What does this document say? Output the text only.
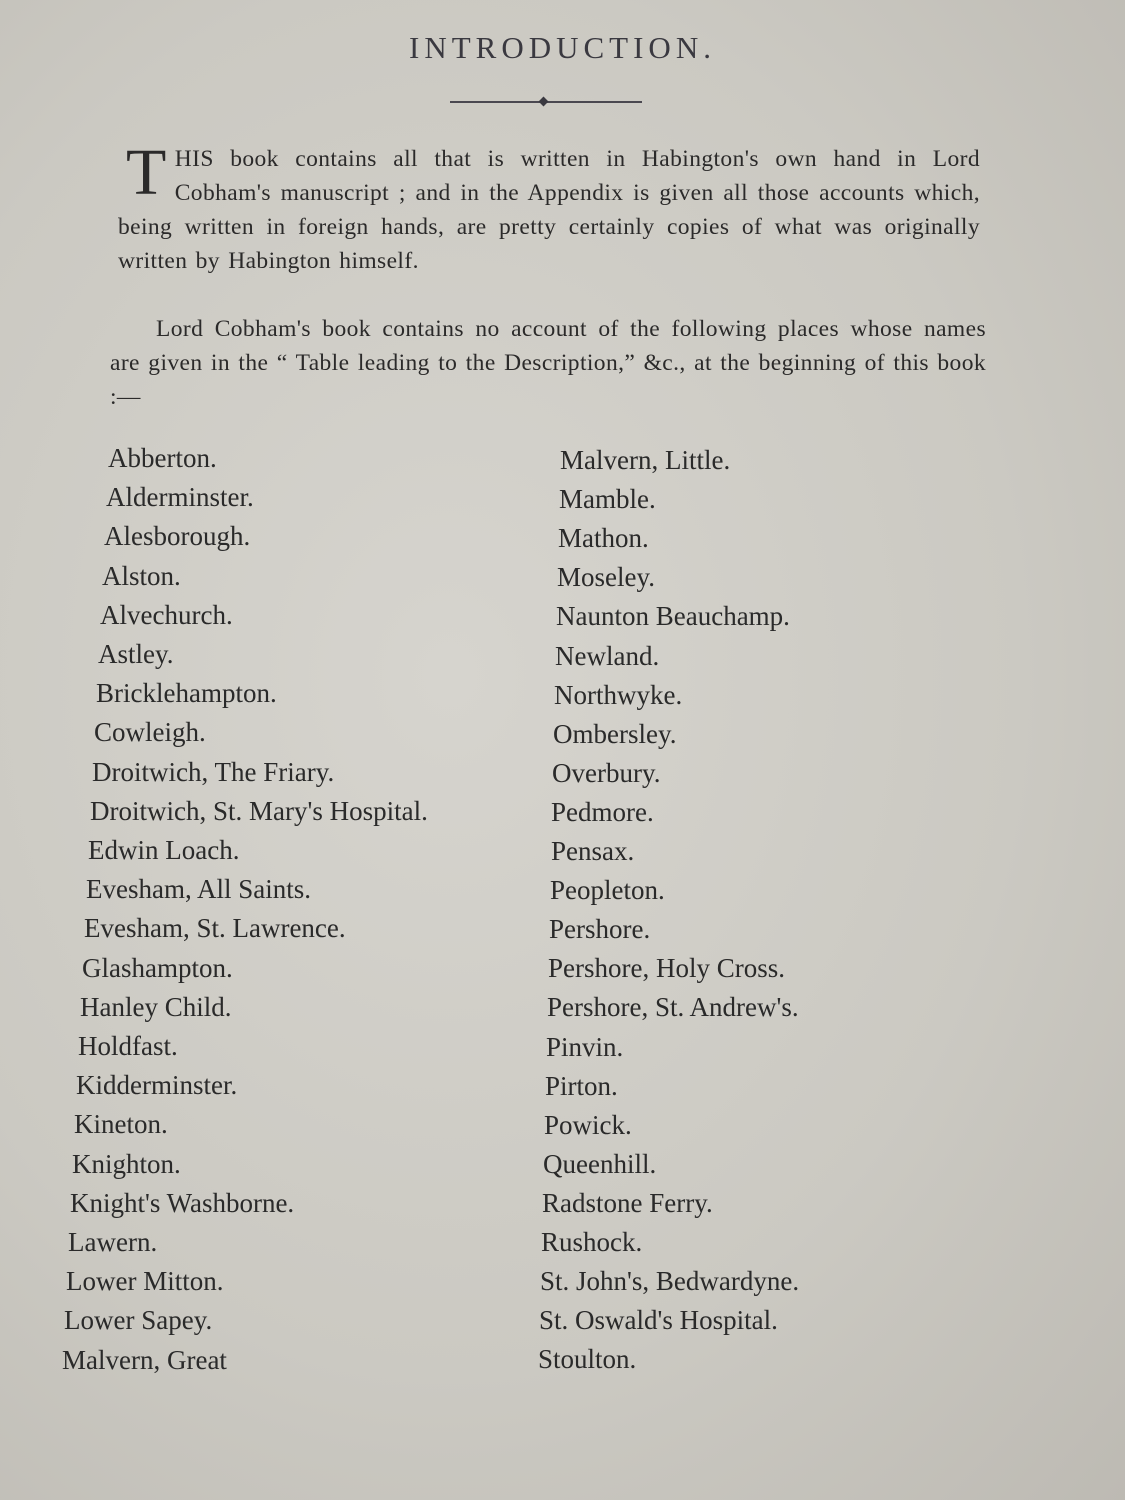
INTRODUCTION.
THIS book contains all that is written in Habington's own hand in Lord Cobham's manuscript ; and in the Appendix is given all those accounts which, being written in foreign hands, are pretty certainly copies of what was originally written by Habington himself.
Lord Cobham's book contains no account of the following places whose names are given in the “ Table leading to the Description,” &c., at the beginning of this book :—
Abberton.
Alderminster.
Alesborough.
Alston.
Alvechurch.
Astley.
Bricklehampton.
Cowleigh.
Droitwich, The Friary.
Droitwich, St. Mary's Hospital.
Edwin Loach.
Evesham, All Saints.
Evesham, St. Lawrence.
Glashampton.
Hanley Child.
Holdfast.
Kidderminster.
Kineton.
Knighton.
Knight's Washborne.
Lawern.
Lower Mitton.
Lower Sapey.
Malvern, Great
Malvern, Little.
Mamble.
Mathon.
Moseley.
Naunton Beauchamp.
Newland.
Northwyke.
Ombersley.
Overbury.
Pedmore.
Pensax.
Peopleton.
Pershore.
Pershore, Holy Cross.
Pershore, St. Andrew's.
Pinvin.
Pirton.
Powick.
Queenhill.
Radstone Ferry.
Rushock.
St. John's, Bedwardyne.
St. Oswald's Hospital.
Stoulton.
